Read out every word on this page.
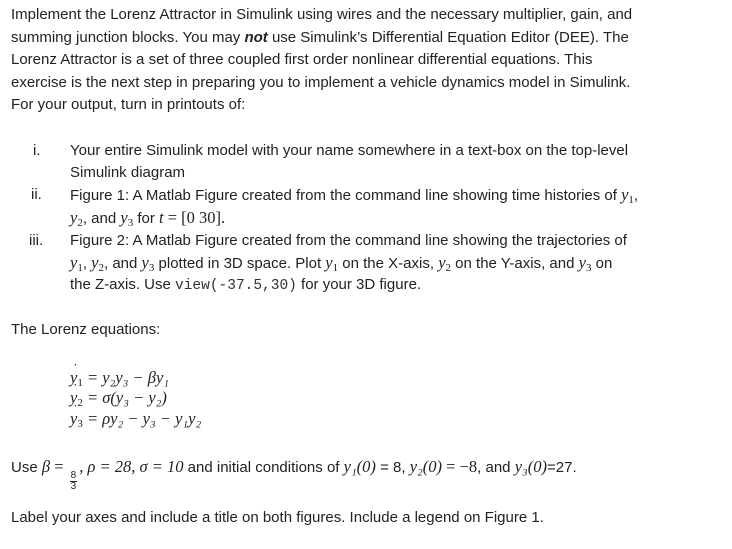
Implement the Lorenz Attractor in Simulink using wires and the necessary multiplier, gain, and

summing junction blocks. You may not use Simulink’s Differential Equation Editor (DEE). The

Lorenz Attractor is a set of three coupled first order nonlinear differential equations. This

exercise is the next step in preparing you to implement a vehicle dynamics model in Simulink.

For your output, turn in printouts of:

i.	Your entire Simulink model with your name somewhere in a text-box on the top-level
Simulink diagram
ii.	Figure 1: A Matlab Figure created from the command line showing time histories of $y_1$,
$y_2$, and $y_3$ for t = [0 30].
iii.	Figure 2: A Matlab Figure created from the command line showing the trajectories of
$y_1$, $y_2$, and $y_3$ plotted in 3D space. Plot $y_1$ on the X-axis, $y_2$ on the Y-axis, and $y_3$ on
the Z-axis. Use view(-37.5,30) for your 3D figure.

The Lorenz equations:

˙ $y_1 = y_2y_3 - \beta y_1$
˙ $y_2 = \sigma(y_3 - y_2)$
˙ $y_3 = \rho y_2 - y_3 - y_1y_2$

Use β =
$\frac{8}{3}$
, ρ = 28, σ = 10 and initial conditions of y₁(0) = 8, y₂(0) = −8, and y₃(0)=27.

Label your axes and include a title on both figures. Include a legend on Figure 1.
